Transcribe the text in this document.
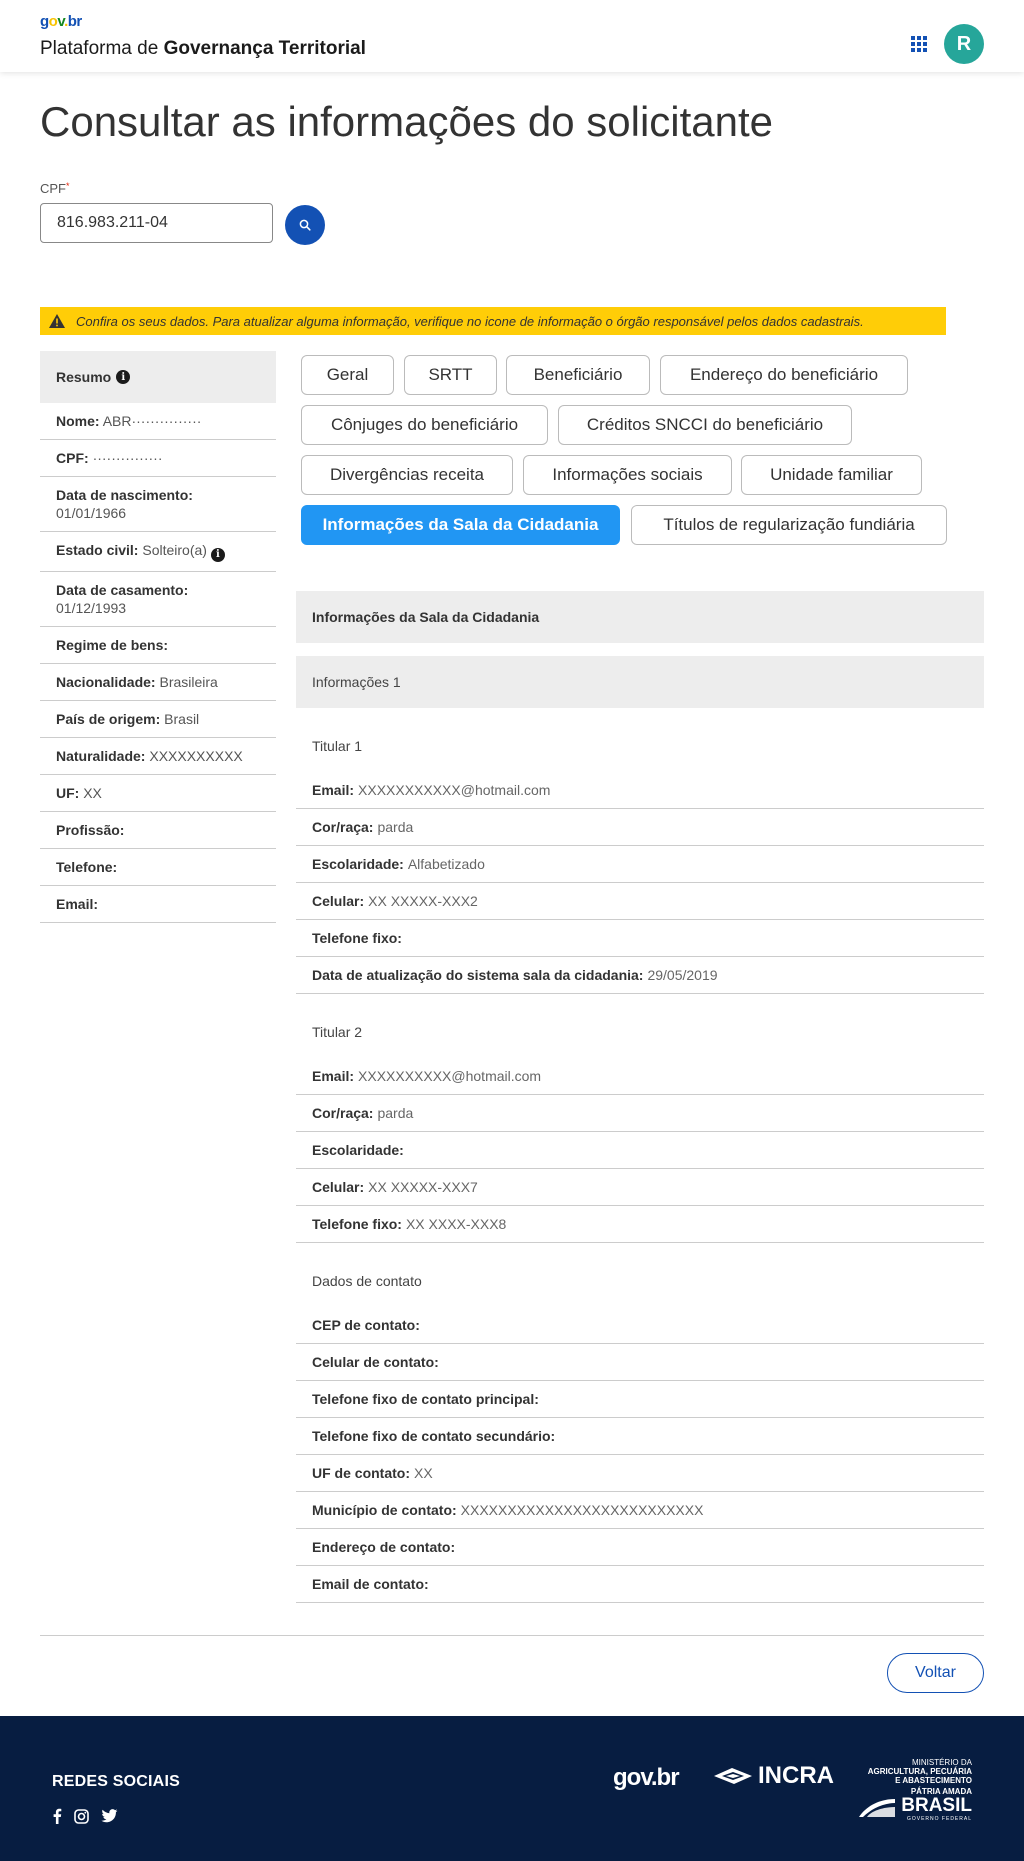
gov.br
Plataforma de Governança Territorial	R
Consultar as informações do solicitante
CPF*
816.983.211-04
Confira os seus dados. Para atualizar alguma informação, verifique no icone de informação o órgão responsável pelos dados cadastrais.
Resumo	i
Nome: ABR···············
CPF: ···············
Data de nascimento:
01/01/1966
Estado civil: Solteiro(a) i
Data de casamento:
01/12/1993
Regime de bens:
Nacionalidade: Brasileira
País de origem: Brasil
Naturalidade: XXXXXXXXXX
UF: XX
Profissão:
Telefone:
Email:
Geral	SRTT	Beneficiário	Endereço do beneficiário
Cônjuges do beneficiário	Créditos SNCCI do beneficiário
Divergências receita	Informações sociais	Unidade familiar
Informações da Sala da Cidadania	Títulos de regularização fundiária
Informações da Sala da Cidadania
Informações 1
Titular 1
Email: XXXXXXXXXXX@hotmail.com
Cor/raça: parda
Escolaridade: Alfabetizado
Celular: XX XXXXX-XXX2
Telefone fixo:
Data de atualização do sistema sala da cidadania: 29/05/2019
Titular 2
Email: XXXXXXXXXX@hotmail.com
Cor/raça: parda
Escolaridade:
Celular: XX XXXXX-XXX7
Telefone fixo: XX XXXX-XXX8
Dados de contato
CEP de contato:
Celular de contato:
Telefone fixo de contato principal:
Telefone fixo de contato secundário:
UF de contato: XX
Município de contato: XXXXXXXXXXXXXXXXXXXXXXXXXX
Endereço de contato:
Email de contato:
Voltar
REDES SOCIAIS	gov.br	INCRA	MINISTÉRIO DA
AGRICULTURA, PECUÁRIA
E ABASTECIMENTO
PÁTRIA AMADA
BRASIL
GOVERNO FEDERAL
